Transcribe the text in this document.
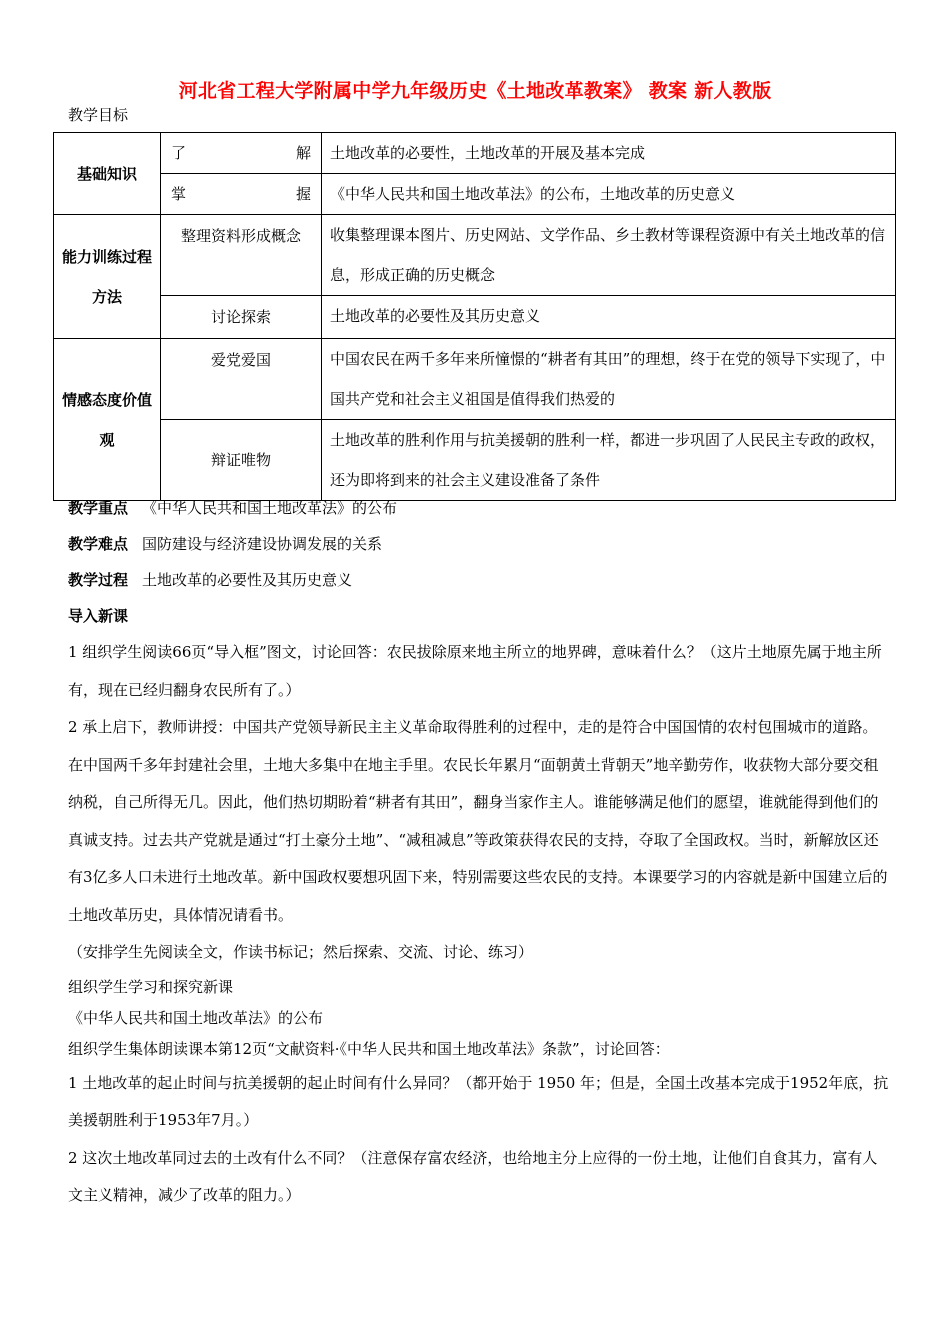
河北省工程大学附属中学九年级历史《土地改革教案》 教案 新人教版
教学目标
基础知识	了　　　解	土地改革的必要性，土地改革的开展及基本完成
	掌　　　握	《中华人民共和国土地改革法》的公布，土地改革的历史意义
能力训练过程方法	整理资料形成概念	收集整理课本图片、历史网站、文学作品、乡土教材等课程资源中有关土地改革的信息，形成正确的历史概念
	讨论探索	土地改革的必要性及其历史意义
情感态度价值　观	爱党爱国	中国农民在两千多年来所憧憬的“耕者有其田”的理想，终于在党的领导下实现了，中国共产党和社会主义祖国是值得我们热爱的
	辩证唯物	土地改革的胜利作用与抗美援朝的胜利一样，都进一步巩固了人民民主专政的政权，还为即将到来的社会主义建设准备了条件

教学重点 《中华人民共和国土地改革法》的公布

教学难点 国防建设与经济建设协调发展的关系

教学过程 土地改革的必要性及其历史意义

导入新课

1 组织学生阅读66页“导入框”图文，讨论回答：农民拔除原来地主所立的地界碑，意味着什么？（这片土地原先属于地主所有，现在已经归翻身农民所有了。）

2 承上启下，教师讲授：中国共产党领导新民主主义革命取得胜利的过程中，走的是符合中国国情的农村包围城市的道路。在中国两千多年封建社会里，土地大多集中在地主手里。农民长年累月“面朝黄土背朝天”地辛勤劳作，收获物大部分要交租纳税，自己所得无几。因此，他们热切期盼着“耕者有其田”，翻身当家作主人。谁能够满足他们的愿望，谁就能得到他们的真诚支持。过去共产党就是通过“打土豪分土地”、“减租减息”等政策获得农民的支持，夺取了全国政权。当时，新解放区还有3亿多人口未进行土地改革。新中国政权要想巩固下来，特别需要这些农民的支持。本课要学习的内容就是新中国建立后的土地改革历史，具体情况请看书。

（安排学生先阅读全文，作读书标记；然后探索、交流、讨论、练习）

组织学生学习和探究新课

《中华人民共和国土地改革法》的公布

组织学生集体朗读课本第12页“文献资料·《中华人民共和国土地改革法》条款”，讨论回答：

1 土地改革的起止时间与抗美援朝的起止时间有什么异同？（都开始于 1950 年；但是，全国土改基本完成于1952年底，抗美援朝胜利于1953年7月。）

2 这次土地改革同过去的土改有什么不同？（注意保存富农经济，也给地主分上应得的一份土地，让他们自食其力，富有人文主义精神，减少了改革的阻力。）
